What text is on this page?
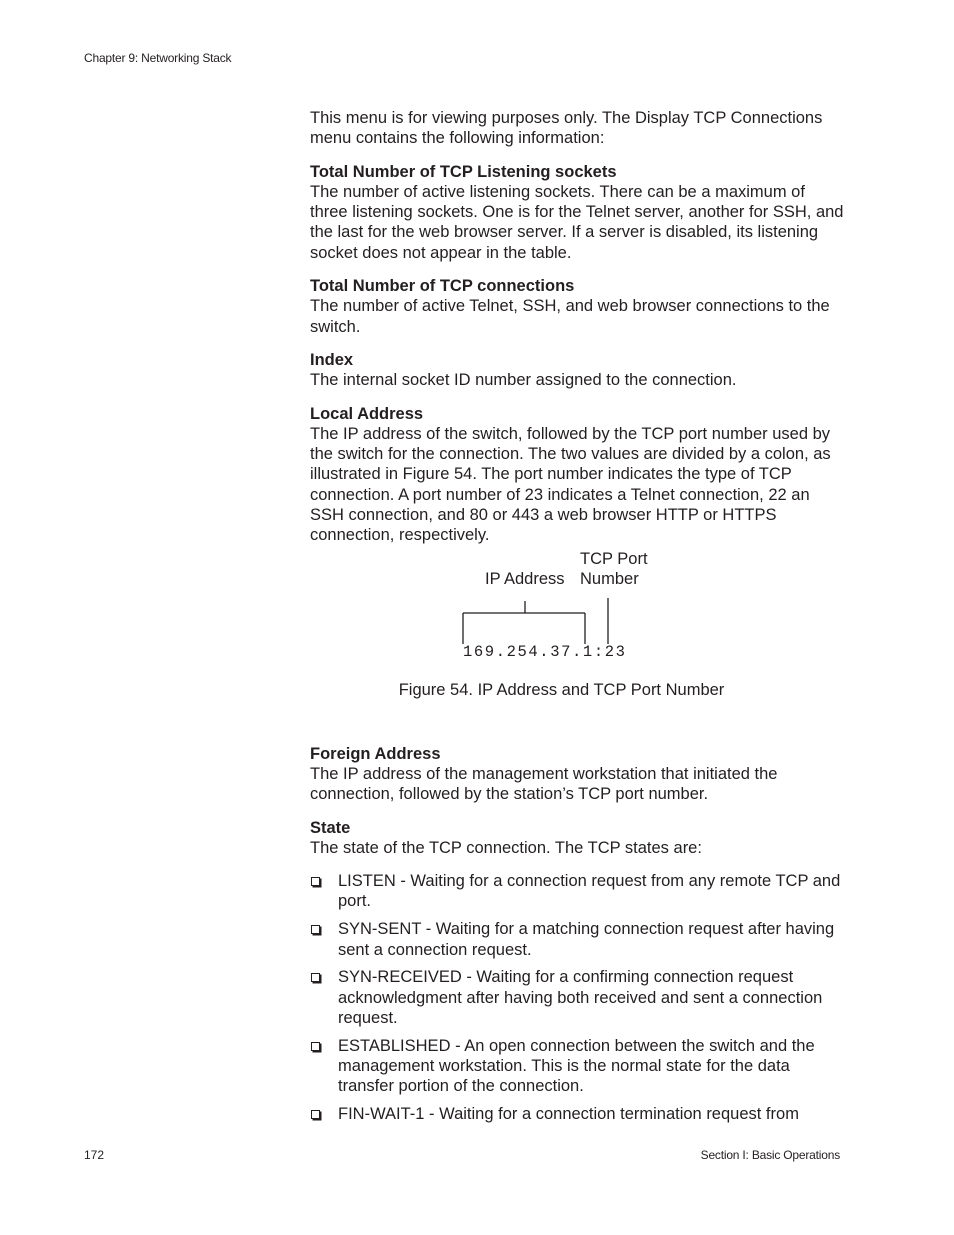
Chapter 9: Networking Stack

This menu is for viewing purposes only. The Display TCP Connections menu contains the following information:

Total Number of TCP Listening sockets

The number of active listening sockets. There can be a maximum of three listening sockets. One is for the Telnet server, another for SSH, and the last for the web browser server. If a server is disabled, its listening socket does not appear in the table.

Total Number of TCP connections

The number of active Telnet, SSH, and web browser connections to the switch.

Index

The internal socket ID number assigned to the connection.

Local Address

The IP address of the switch, followed by the TCP port number used by the switch for the connection. The two values are divided by a colon, as illustrated in Figure 54. The port number indicates the type of TCP connection. A port number of 23 indicates a Telnet connection, 22 an SSH connection, and 80 or 443 a web browser HTTP or HTTPS connection, respectively.

IP Address
TCP Port
Number
169.254.37.1:23
Figure 54. IP Address and TCP Port Number
Foreign Address

The IP address of the management workstation that initiated the connection, followed by the station’s TCP port number.

State

The state of the TCP connection. The TCP states are:

LISTEN - Waiting for a connection request from any remote TCP and port.
SYN-SENT - Waiting for a matching connection request after having sent a connection request.
SYN-RECEIVED - Waiting for a confirming connection request acknowledgment after having both received and sent a connection request.
ESTABLISHED - An open connection between the switch and the management workstation. This is the normal state for the data transfer portion of the connection.
FIN-WAIT-1 - Waiting for a connection termination request from
172	Section I: Basic Operations
